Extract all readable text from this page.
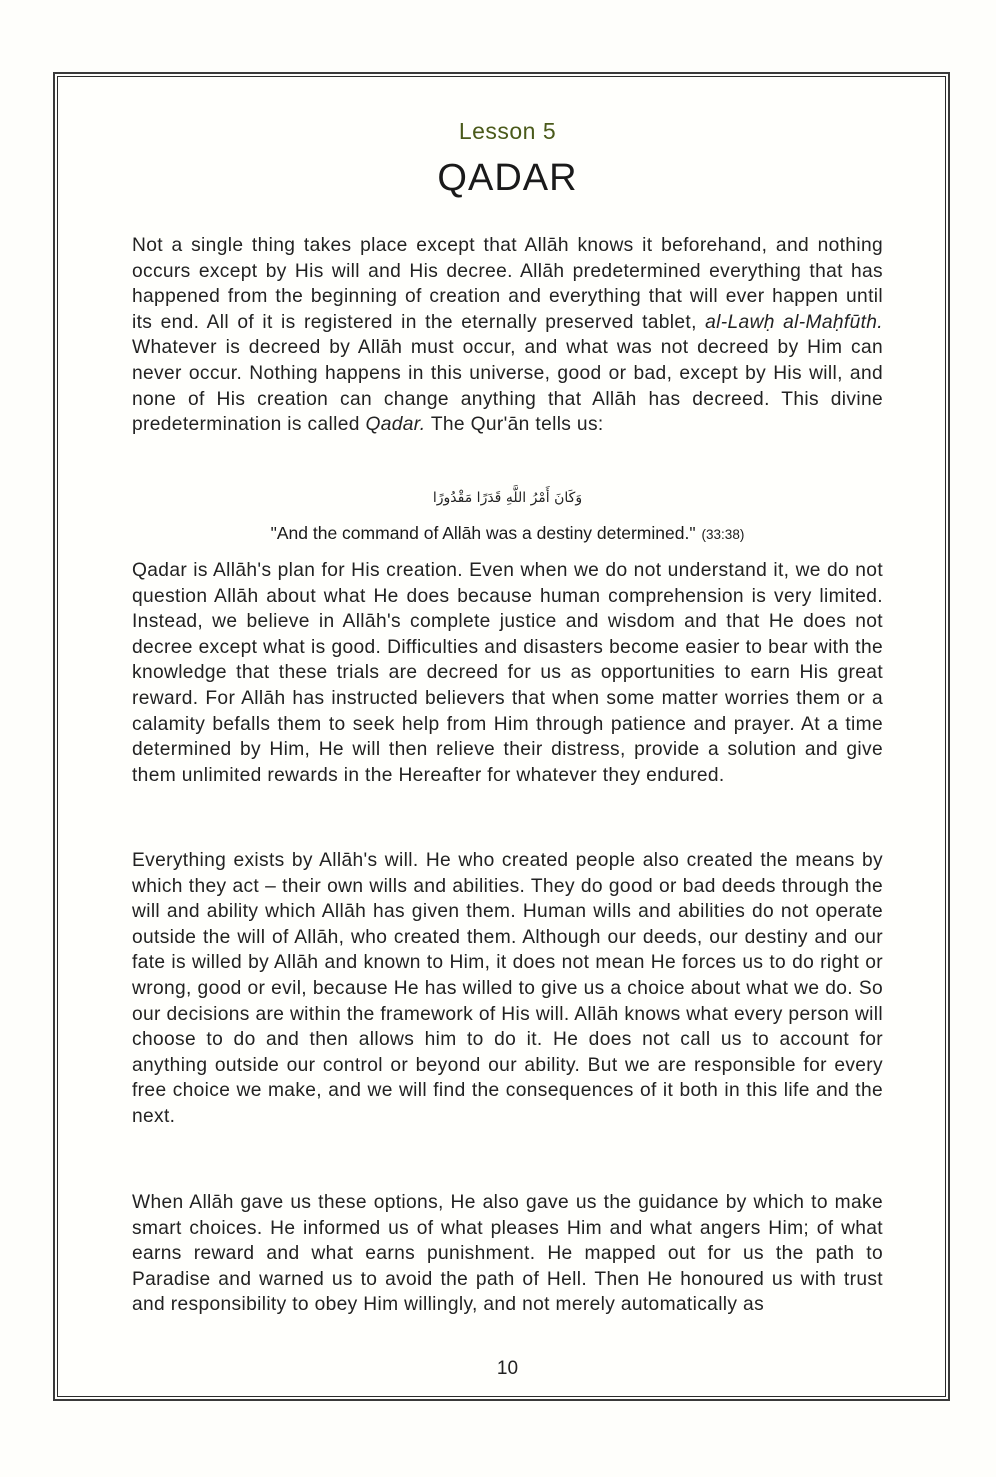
Lesson 5
QADAR

Not a single thing takes place except that Allāh knows it beforehand, and nothing occurs except by His will and His decree. Allāh predetermined everything that has happened from the beginning of creation and everything that will ever happen until its end. All of it is registered in the eternally preserved tablet, al-Lawḥ al-Maḥfūth. Whatever is decreed by Allāh must occur, and what was not decreed by Him can never occur. Nothing happens in this universe, good or bad, except by His will, and none of His creation can change anything that Allāh has decreed. This divine predetermination is called Qadar. The Qur'ān tells us:

وَكَانَ أَمْرُ اللَّهِ قَدَرًا مَقْدُورًا
"And the command of Allāh was a destiny determined." (33:38)

Qadar is Allāh's plan for His creation. Even when we do not understand it, we do not question Allāh about what He does because human comprehension is very limited. Instead, we believe in Allāh's complete justice and wisdom and that He does not decree except what is good. Difficulties and disasters become easier to bear with the knowledge that these trials are decreed for us as opportunities to earn His great reward. For Allāh has instructed believers that when some matter worries them or a calamity befalls them to seek help from Him through patience and prayer. At a time determined by Him, He will then relieve their distress, provide a solution and give them unlimited rewards in the Hereafter for whatever they endured.

Everything exists by Allāh's will. He who created people also created the means by which they act – their own wills and abilities. They do good or bad deeds through the will and ability which Allāh has given them. Human wills and abilities do not operate outside the will of Allāh, who created them. Although our deeds, our destiny and our fate is willed by Allāh and known to Him, it does not mean He forces us to do right or wrong, good or evil, because He has willed to give us a choice about what we do. So our decisions are within the framework of His will. Allāh knows what every person will choose to do and then allows him to do it. He does not call us to account for anything outside our control or beyond our ability. But we are responsible for every free choice we make, and we will find the consequences of it both in this life and the next.

When Allāh gave us these options, He also gave us the guidance by which to make smart choices. He informed us of what pleases Him and what angers Him; of what earns reward and what earns punishment. He mapped out for us the path to Paradise and warned us to avoid the path of Hell. Then He honoured us with trust and responsibility to obey Him willingly, and not merely automatically as

10
